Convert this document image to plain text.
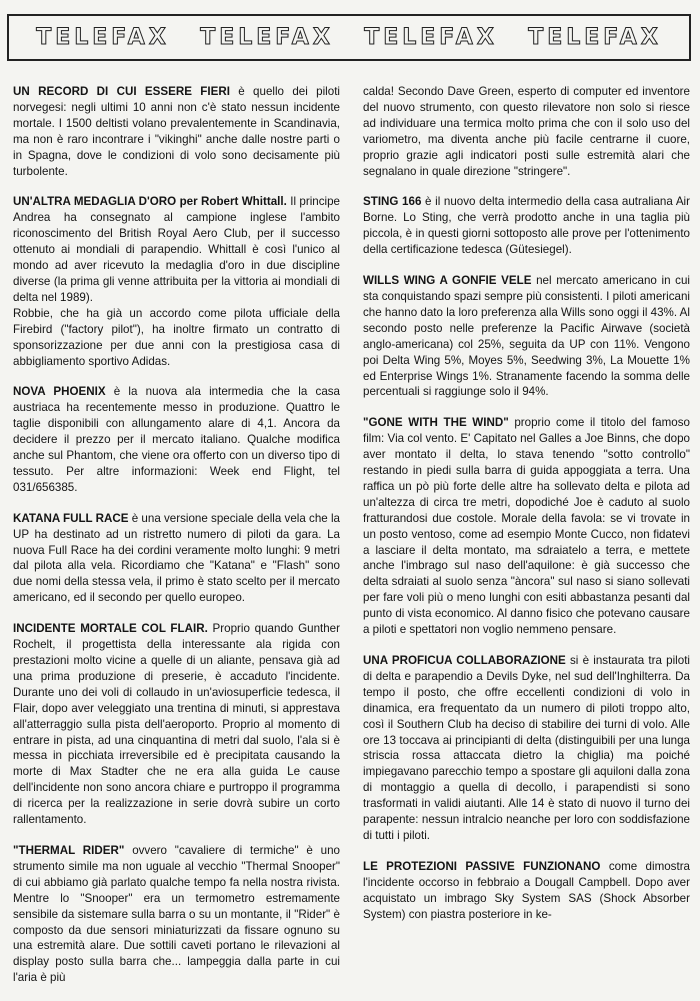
TELEFAX TELEFAX TELEFAX TELEFAX

UN RECORD DI CUI ESSERE FIERI è quello dei piloti norvegesi: negli ultimi 10 anni non c'è stato nessun incidente mortale. I 1500 deltisti volano prevalentemente in Scandinavia, ma non è raro incontrare i "vikinghi" anche dalle nostre parti o in Spagna, dove le condizioni di volo sono decisamente più turbolente.

UN'ALTRA MEDAGLIA D'ORO per Robert Whittall. Il principe Andrea ha consegnato al campione inglese l'ambito riconoscimento del British Royal Aero Club, per il successo ottenuto ai mondiali di parapendio. Whittall è così l'unico al mondo ad aver ricevuto la medaglia d'oro in due discipline diverse (la prima gli venne attribuita per la vittoria ai mondiali di delta nel 1989).

Robbie, che ha già un accordo come pilota ufficiale della Firebird ("factory pilot"), ha inoltre firmato un contratto di sponsorizzazione per due anni con la prestigiosa casa di abbigliamento sportivo Adidas.

NOVA PHOENIX è la nuova ala intermedia che la casa austriaca ha recentemente messo in produzione. Quattro le taglie disponibili con allungamento alare di 4,1. Ancora da decidere il prezzo per il mercato italiano. Qualche modifica anche sul Phantom, che viene ora offerto con un diverso tipo di tessuto. Per altre informazioni: Week end Flight, tel 031/656385.

KATANA FULL RACE è una versione speciale della vela che la UP ha destinato ad un ristretto numero di piloti da gara. La nuova Full Race ha dei cordini veramente molto lunghi: 9 metri dal pilota alla vela. Ricordiamo che "Katana" e "Flash" sono due nomi della stessa vela, il primo è stato scelto per il mercato americano, ed il secondo per quello europeo.

INCIDENTE MORTALE COL FLAIR. Proprio quando Gunther Rochelt, il progettista della interessante ala rigida con prestazioni molto vicine a quelle di un aliante, pensava già ad una prima produzione di preserie, è accaduto l'incidente. Durante uno dei voli di collaudo in un'aviosuperficie tedesca, il Flair, dopo aver veleggiato una trentina di minuti, si apprestava all'atterraggio sulla pista dell'aeroporto. Proprio al momento di entrare in pista, ad una cinquantina di metri dal suolo, l'ala si è messa in picchiata irreversibile ed è precipitata causando la morte di Max Stadter che ne era alla guida Le cause dell'incidente non sono ancora chiare e purtroppo il programma di ricerca per la realizzazione in serie dovrà subire un corto rallentamento.

"THERMAL RIDER" ovvero "cavaliere di termiche" è uno strumento simile ma non uguale al vecchio "Thermal Snooper" di cui abbiamo già parlato qualche tempo fa nella nostra rivista. Mentre lo "Snooper" era un termometro estremamente sensibile da sistemare sulla barra o su un montante, il "Rider" è composto da due sensori miniaturizzati da fissare ognuno su una estremità alare. Due sottili caveti portano le rilevazioni al display posto sulla barra che... lampeggia dalla parte in cui l'aria è più

calda! Secondo Dave Green, esperto di computer ed inventore del nuovo strumento, con questo rilevatore non solo si riesce ad individuare una termica molto prima che con il solo uso del variometro, ma diventa anche più facile centrarne il cuore, proprio grazie agli indicatori posti sulle estremità alari che segnalano in quale direzione "stringere".

STING 166 è il nuovo delta intermedio della casa autraliana Air Borne. Lo Sting, che verrà prodotto anche in una taglia più piccola, è in questi giorni sottoposto alle prove per l'ottenimento della certificazione tedesca (Gütesiegel).

WILLS WING A GONFIE VELE nel mercato americano in cui sta conquistando spazi sempre più consistenti. I piloti americani che hanno dato la loro preferenza alla Wills sono oggi il 43%. Al secondo posto nelle preferenze la Pacific Airwave (società anglo-americana) col 25%, seguita da UP con 11%. Vengono poi Delta Wing 5%, Moyes 5%, Seedwing 3%, La Mouette 1% ed Enterprise Wings 1%. Stranamente facendo la somma delle percentuali si raggiunge solo il 94%.

"GONE WITH THE WIND" proprio come il titolo del famoso film: Via col vento. E' Capitato nel Galles a Joe Binns, che dopo aver montato il delta, lo stava tenendo "sotto controllo" restando in piedi sulla barra di guida appoggiata a terra. Una raffica un pò più forte delle altre ha sollevato delta e pilota ad un'altezza di circa tre metri, dopodiché Joe è caduto al suolo fratturandosi due costole. Morale della favola: se vi trovate in un posto ventoso, come ad esempio Monte Cucco, non fidatevi a lasciare il delta montato, ma sdraiatelo a terra, e mettete anche l'imbrago sul naso dell'aquilone: è già successo che delta sdraiati al suolo senza "àncora" sul naso si siano sollevati per fare voli più o meno lunghi con esiti abbastanza pesanti dal punto di vista economico. Al danno fisico che potevano causare a piloti e spettatori non voglio nemmeno pensare.

UNA PROFICUA COLLABORAZIONE si è instaurata tra piloti di delta e parapendio a Devils Dyke, nel sud dell'Inghilterra. Da tempo il posto, che offre eccellenti condizioni di volo in dinamica, era frequentato da un numero di piloti troppo alto, così il Southern Club ha deciso di stabilire dei turni di volo. Alle ore 13 toccava ai principianti di delta (distinguibili per una lunga striscia rossa attaccata dietro la chiglia) ma poiché impiegavano parecchio tempo a spostare gli aquiloni dalla zona di montaggio a quella di decollo, i parapendisti si sono trasformati in validi aiutanti. Alle 14 è stato di nuovo il turno dei parapente: nessun intralcio neanche per loro con soddisfazione di tutti i piloti.

LE PROTEZIONI PASSIVE FUNZIONANO come dimostra l'incidente occorso in febbraio a Dougall Campbell. Dopo aver acquistato un imbrago Sky System SAS (Shock Absorber System) con piastra posteriore in ke-
